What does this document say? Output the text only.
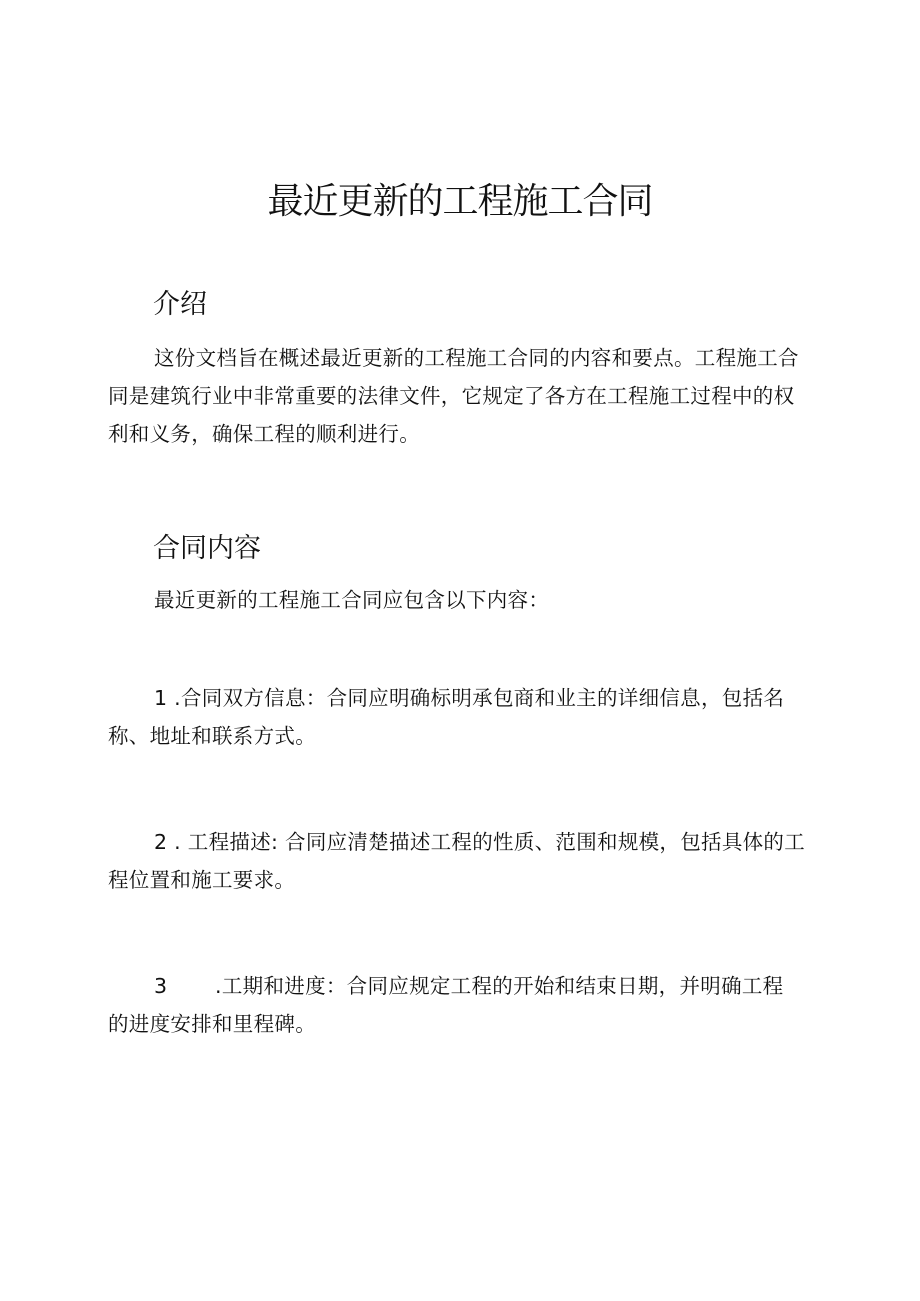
最近更新的工程施工合同
介绍

这份文档旨在概述最近更新的工程施工合同的内容和要点。工程施工合同是建筑行业中非常重要的法律文件，它规定了各方在工程施工过程中的权利和义务，确保工程的顺利进行。

合同内容

最近更新的工程施工合同应包含以下内容：

1 .合同双方信息：合同应明确标明承包商和业主的详细信息，包括名称、地址和联系方式。

2 . 工程描述: 合同应清楚描述工程的性质、范围和规模，包括具体的工程位置和施工要求。

3       .工期和进度：合同应规定工程的开始和结束日期，并明确工程的进度安排和里程碑。
